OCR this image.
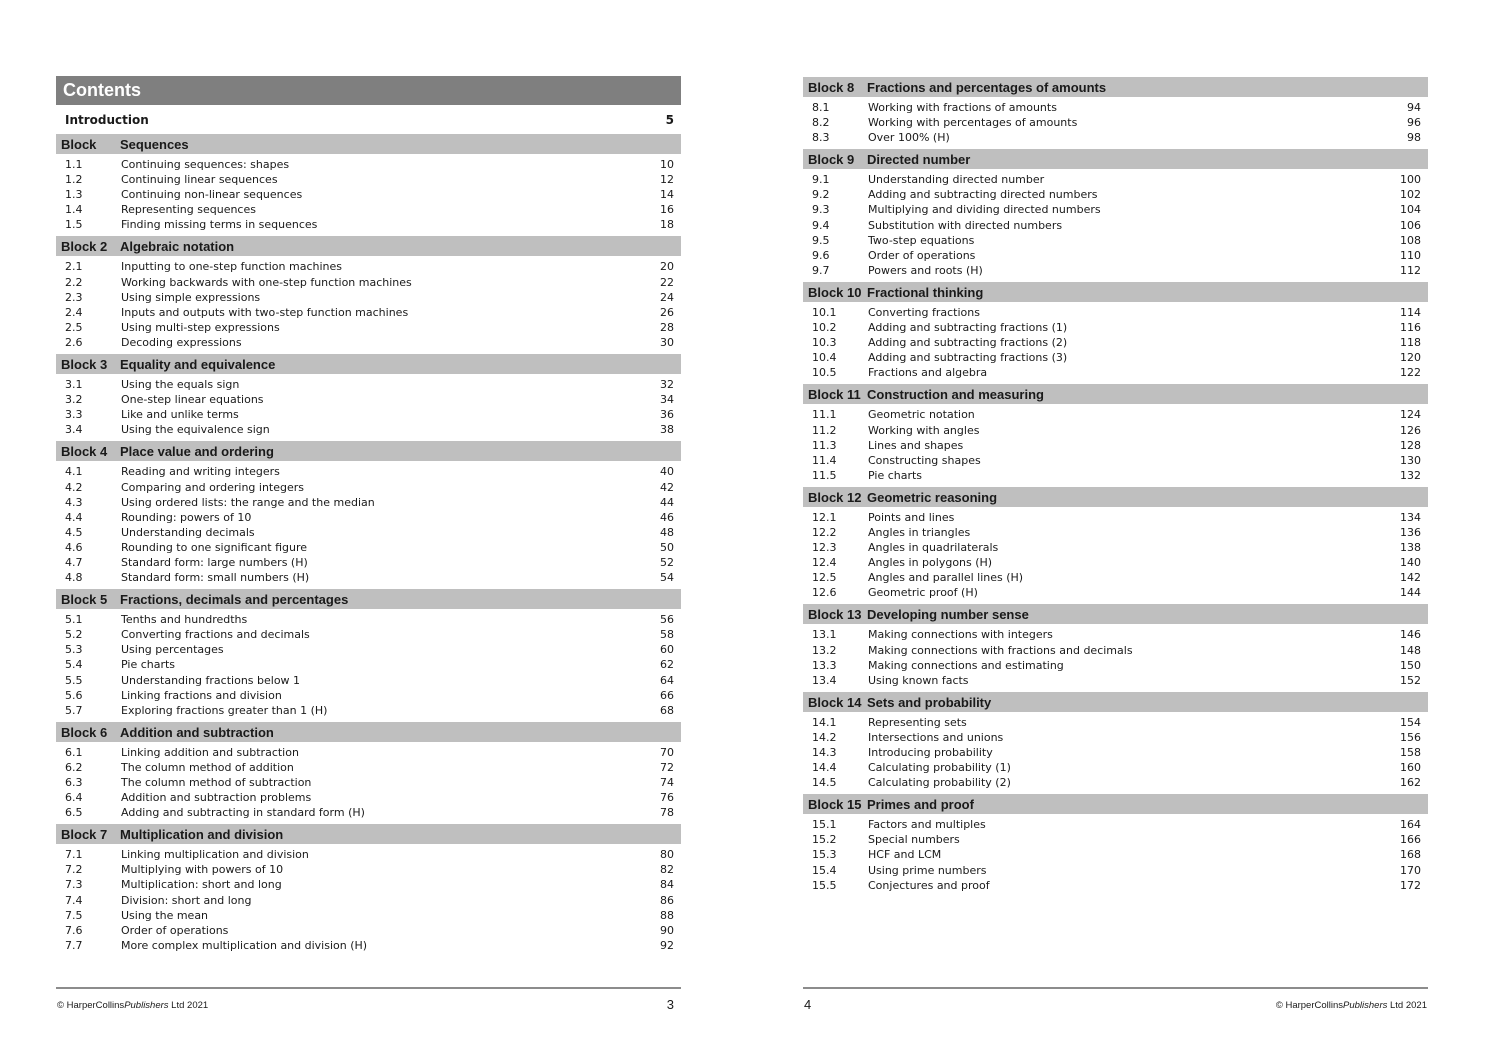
Contents
Introduction	5
Block	Sequences
1.1	Continuing sequences: shapes	10
1.2	Continuing linear sequences	12
1.3	Continuing non-linear sequences	14
1.4	Representing sequences	16
1.5	Finding missing terms in sequences	18
Block 2 Algebraic notation
2.1	Inputting to one-step function machines	20
2.2	Working backwards with one-step function machines	22
2.3	Using simple expressions	24
2.4	Inputs and outputs with two-step function machines	26
2.5	Using multi-step expressions	28
2.6	Decoding expressions	30
Block 3 Equality and equivalence
3.1	Using the equals sign	32
3.2	One-step linear equations	34
3.3	Like and unlike terms	36
3.4	Using the equivalence sign	38
Block 4 Place value and ordering
4.1	Reading and writing integers	40
4.2	Comparing and ordering integers	42
4.3	Using ordered lists: the range and the median	44
4.4	Rounding: powers of 10	46
4.5	Understanding decimals	48
4.6	Rounding to one significant figure	50
4.7	Standard form: large numbers (H)	52
4.8	Standard form: small numbers (H)	54
Block 5 Fractions, decimals and percentages
5.1	Tenths and hundredths	56
5.2	Converting fractions and decimals	58
5.3	Using percentages	60
5.4	Pie charts	62
5.5	Understanding fractions below 1	64
5.6	Linking fractions and division	66
5.7	Exploring fractions greater than 1 (H)	68
Block 6 Addition and subtraction
6.1	Linking addition and subtraction	70
6.2	The column method of addition	72
6.3	The column method of subtraction	74
6.4	Addition and subtraction problems	76
6.5	Adding and subtracting in standard form (H)	78
Block 7 Multiplication and division
7.1	Linking multiplication and division	80
7.2	Multiplying with powers of 10	82
7.3	Multiplication: short and long	84
7.4	Division: short and long	86
7.5	Using the mean	88
7.6	Order of operations	90
7.7	More complex multiplication and division (H)	92
© HarperCollinsPublishers Ltd 2021	3
Block 8 Fractions and percentages of amounts
8.1	Working with fractions of amounts	94
8.2	Working with percentages of amounts	96
8.3	Over 100% (H)	98
Block 9 Directed number
9.1	Understanding directed number	100
9.2	Adding and subtracting directed numbers	102
9.3	Multiplying and dividing directed numbers	104
9.4	Substitution with directed numbers	106
9.5	Two-step equations	108
9.6	Order of operations	110
9.7	Powers and roots (H)	112
Block 10 Fractional thinking
10.1	Converting fractions	114
10.2	Adding and subtracting fractions (1)	116
10.3	Adding and subtracting fractions (2)	118
10.4	Adding and subtracting fractions (3)	120
10.5	Fractions and algebra	122
Block 11 Construction and measuring
11.1	Geometric notation	124
11.2	Working with angles	126
11.3	Lines and shapes	128
11.4	Constructing shapes	130
11.5	Pie charts	132
Block 12 Geometric reasoning
12.1	Points and lines	134
12.2	Angles in triangles	136
12.3	Angles in quadrilaterals	138
12.4	Angles in polygons (H)	140
12.5	Angles and parallel lines (H)	142
12.6	Geometric proof (H)	144
Block 13 Developing number sense
13.1	Making connections with integers	146
13.2	Making connections with fractions and decimals	148
13.3	Making connections and estimating	150
13.4	Using known facts	152
Block 14 Sets and probability
14.1	Representing sets	154
14.2	Intersections and unions	156
14.3	Introducing probability	158
14.4	Calculating probability (1)	160
14.5	Calculating probability (2)	162
Block 15 Primes and proof
15.1	Factors and multiples	164
15.2	Special numbers	166
15.3	HCF and LCM	168
15.4	Using prime numbers	170
15.5	Conjectures and proof	172
4	© HarperCollinsPublishers Ltd 2021
